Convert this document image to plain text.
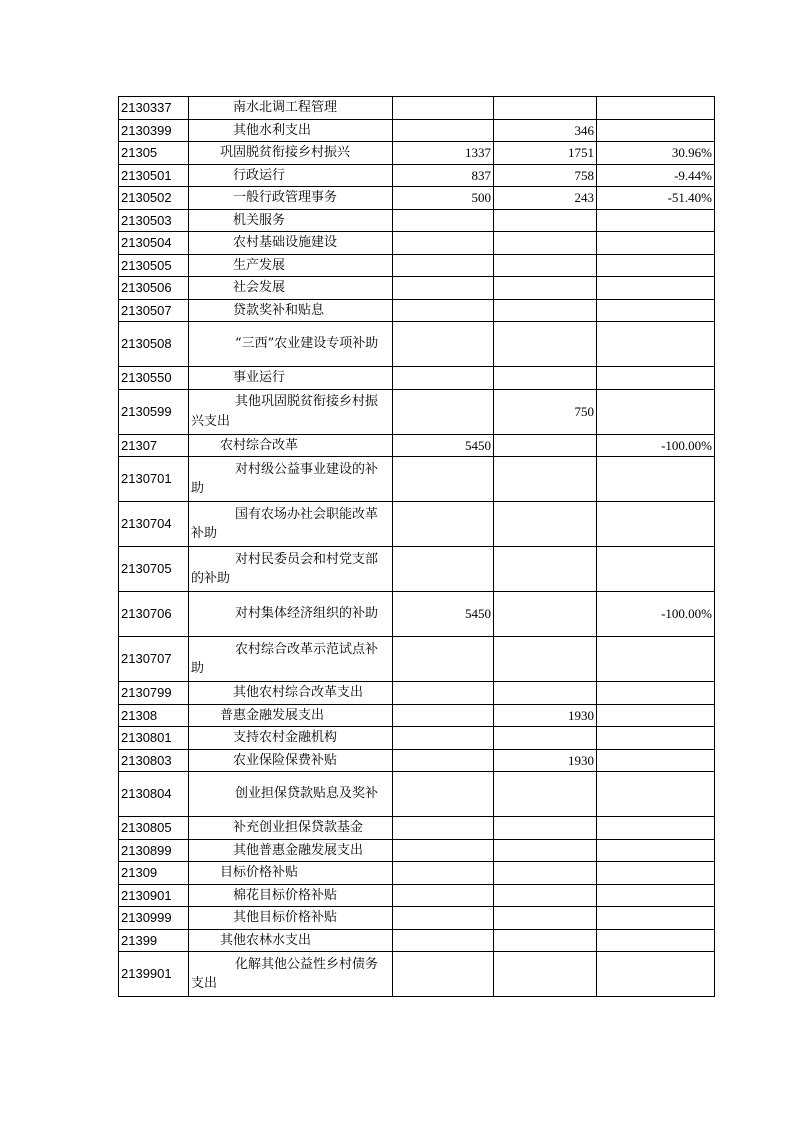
2130337	南水北调工程管理			
2130399	其他水利支出		346	
21305	巩固脱贫衔接乡村振兴	1337	1751	30.96%
2130501	行政运行	837	758	-9.44%
2130502	一般行政管理事务	500	243	-51.40%
2130503	机关服务			
2130504	农村基础设施建设			
2130505	生产发展			
2130506	社会发展			
2130507	贷款奖补和贴息			
2130508	“三西”农业建设专项补助			
2130550	事业运行			
2130599	其他巩固脱贫衔接乡村振兴支出		750	
21307	农村综合改革	5450		-100.00%
2130701	对村级公益事业建设的补助			
2130704	国有农场办社会职能改革补助			
2130705	对村民委员会和村党支部的补助			
2130706	对村集体经济组织的补助	5450		-100.00%
2130707	农村综合改革示范试点补助			
2130799	其他农村综合改革支出			
21308	普惠金融发展支出		1930	
2130801	支持农村金融机构			
2130803	农业保险保费补贴		1930	
2130804	创业担保贷款贴息及奖补			
2130805	补充创业担保贷款基金			
2130899	其他普惠金融发展支出			
21309	目标价格补贴			
2130901	棉花目标价格补贴			
2130999	其他目标价格补贴			
21399	其他农林水支出			
2139901	化解其他公益性乡村债务支出			
